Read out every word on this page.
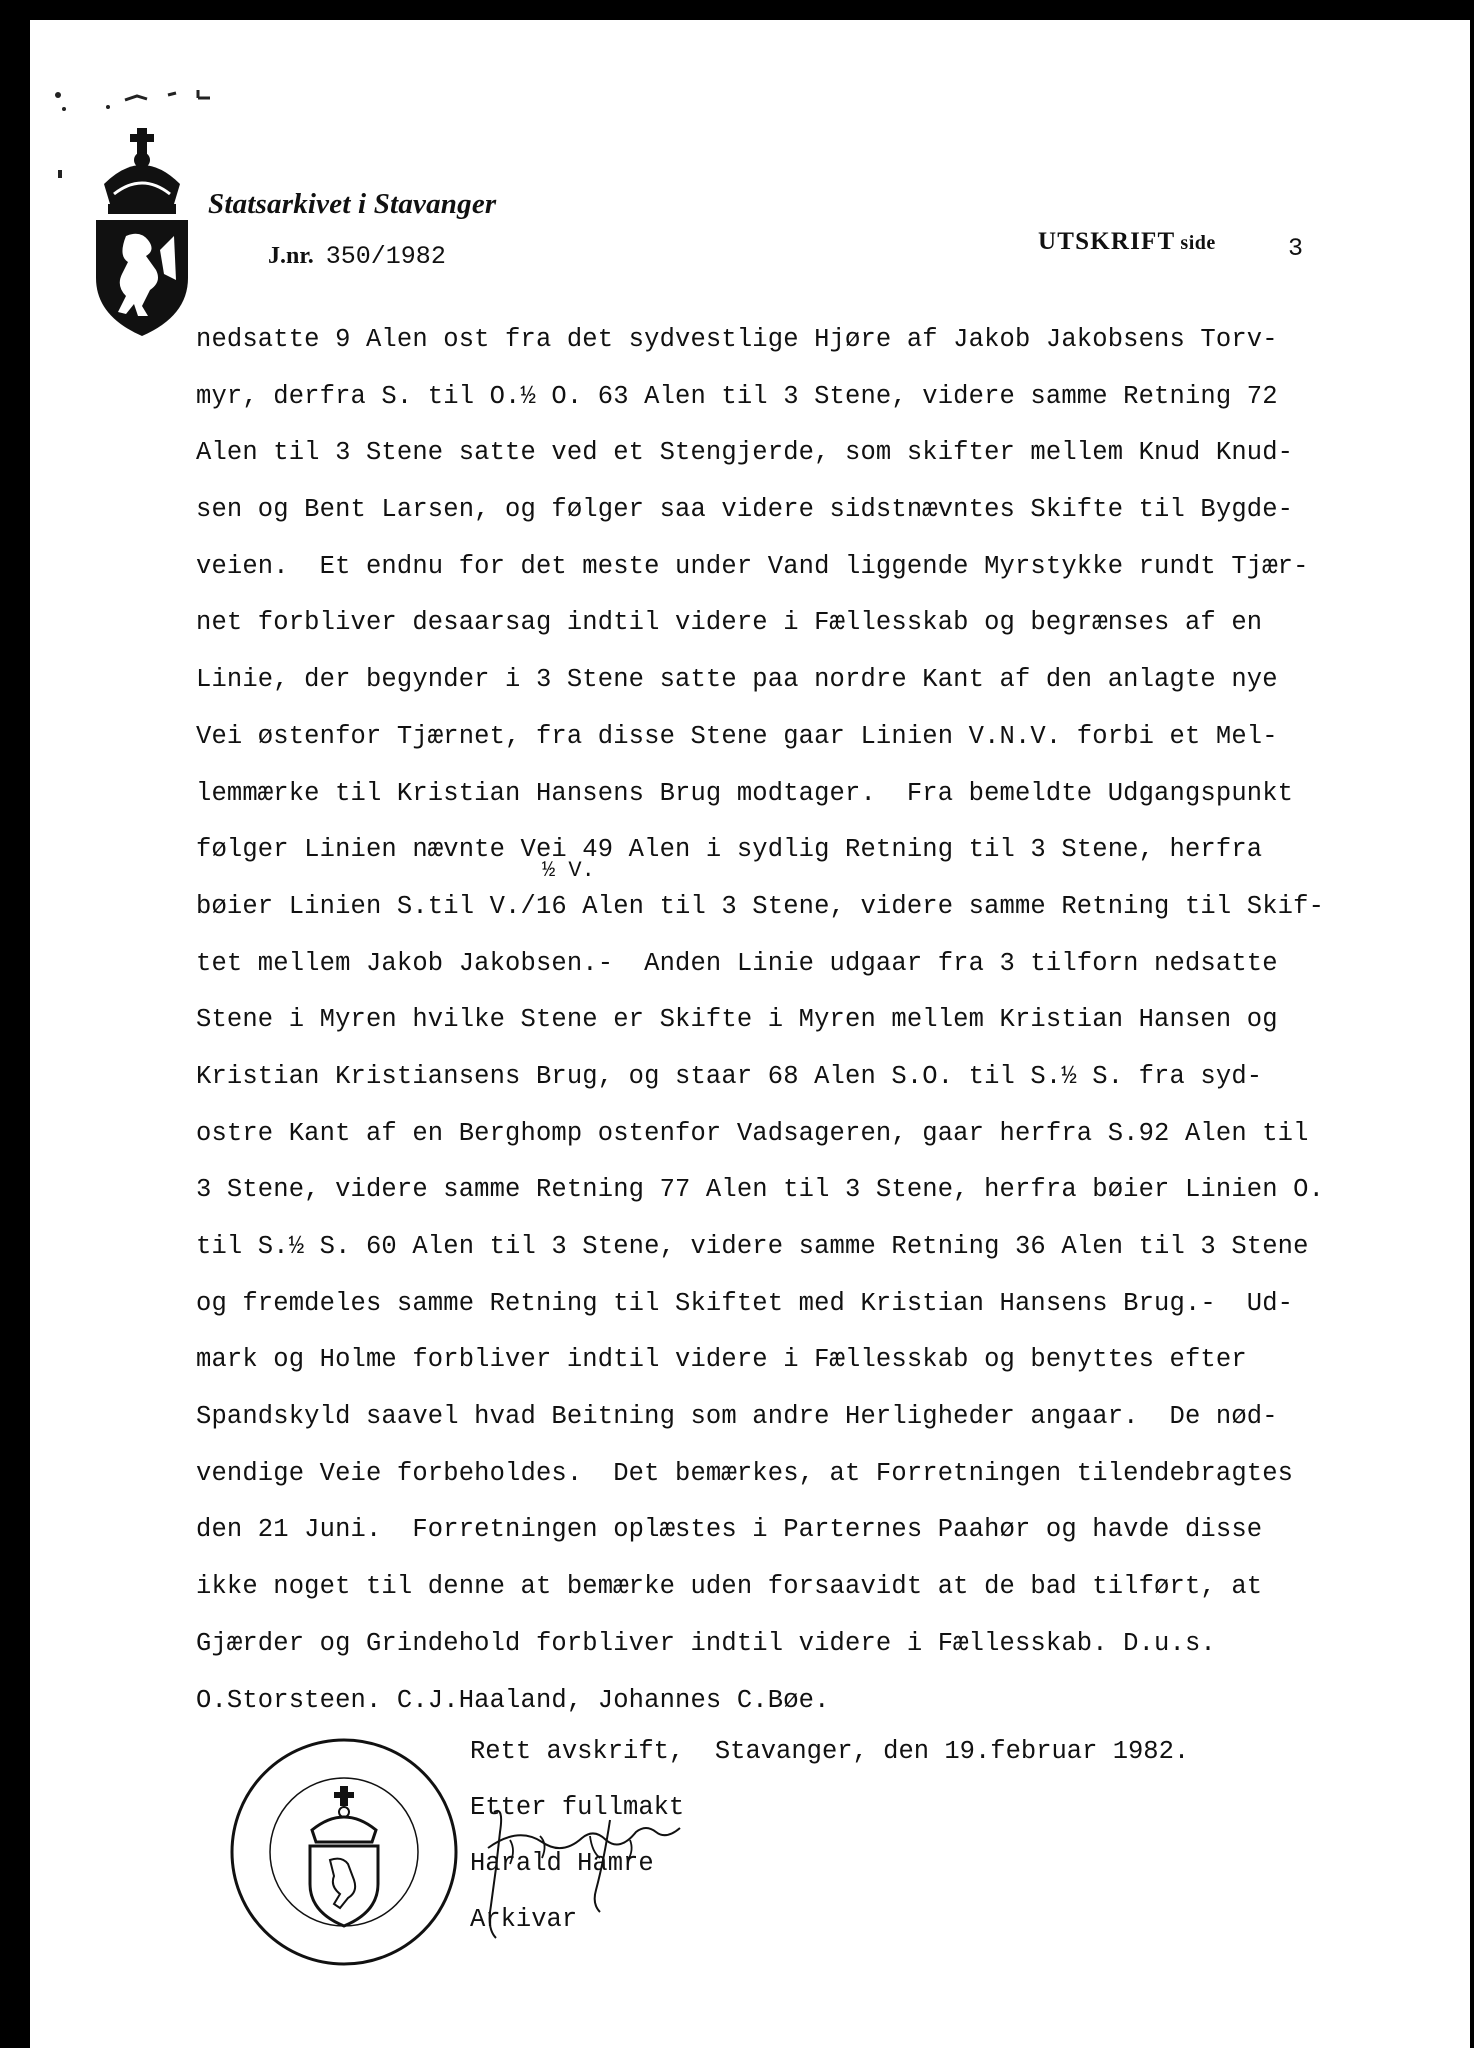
Statsarkivet i Stavanger
J.nr. 350/1982
UTSKRIFT side	3
nedsatte 9 Alen ost fra det sydvestlige Hjøre af Jakob Jakobsens Torv-
myr, derfra S. til O.½ O. 63 Alen til 3 Stene, videre samme Retning 72
Alen til 3 Stene satte ved et Stengjerde, som skifter mellem Knud Knud-
sen og Bent Larsen, og følger saa videre sidstnævntes Skifte til Bygde-
veien.  Et endnu for det meste under Vand liggende Myrstykke rundt Tjær-
net forbliver desaarsag indtil videre i Fællesskab og begrænses af en
Linie, der begynder i 3 Stene satte paa nordre Kant af den anlagte nye
Vei østenfor Tjærnet, fra disse Stene gaar Linien V.N.V. forbi et Mel-
lemmærke til Kristian Hansens Brug modtager.  Fra bemeldte Udgangspunkt
følger Linien nævnte Vei 49 Alen i sydlig Retning til 3 Stene, herfra
bøier Linien S.til V./16 Alen til 3 Stene, videre samme Retning til Skif-
tet mellem Jakob Jakobsen.-  Anden Linie udgaar fra 3 tilforn nedsatte
Stene i Myren hvilke Stene er Skifte i Myren mellem Kristian Hansen og
Kristian Kristiansens Brug, og staar 68 Alen S.O. til S.½ S. fra syd-
ostre Kant af en Berghomp ostenfor Vadsageren, gaar herfra S.92 Alen til
3 Stene, videre samme Retning 77 Alen til 3 Stene, herfra bøier Linien O.
til S.½ S. 60 Alen til 3 Stene, videre samme Retning 36 Alen til 3 Stene
og fremdeles samme Retning til Skiftet med Kristian Hansens Brug.-  Ud-
mark og Holme forbliver indtil videre i Fællesskab og benyttes efter
Spandskyld saavel hvad Beitning som andre Herligheder angaar.  De nød-
vendige Veie forbeholdes.  Det bemærkes, at Forretningen tilendebragtes
den 21 Juni.  Forretningen oplæstes i Parternes Paahør og havde disse
ikke noget til denne at bemærke uden forsaavidt at de bad tilført, at
Gjærder og Grindehold forbliver indtil videre i Fællesskab. D.u.s.
O.Storsteen. C.J.Haaland, Johannes C.Bøe.
½ V.
Rett avskrift,  Stavanger, den 19.februar 1982.
Etter fullmakt
Harald Hamre
Arkivar
